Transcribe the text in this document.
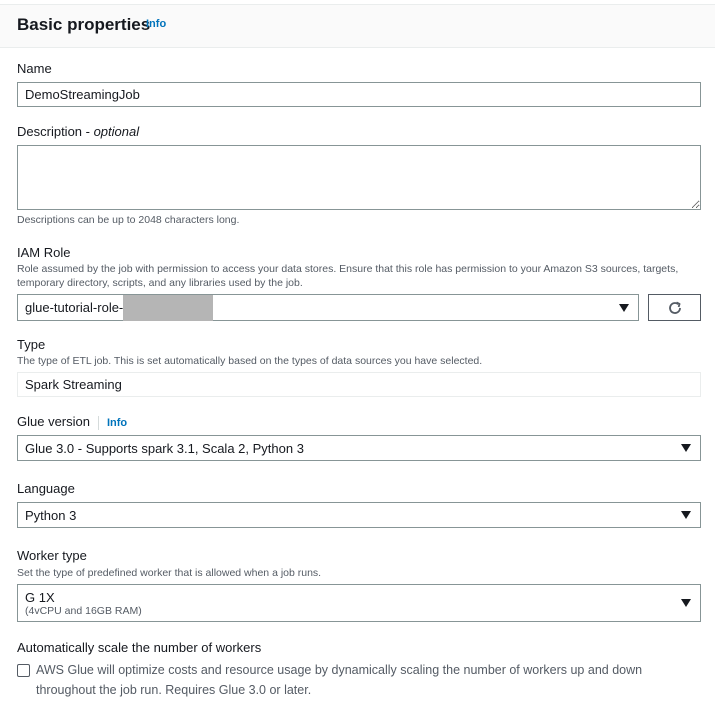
Basic properties
Info
Name
DemoStreamingJob
Description - optional
Descriptions can be up to 2048 characters long.
IAM Role
Role assumed by the job with permission to access your data stores. Ensure that this role has permission to your Amazon S3 sources, targets, temporary directory, scripts, and any libraries used by the job.
glue-tutorial-role-
Type
The type of ETL job. This is set automatically based on the types of data sources you have selected.
Spark Streaming
Glue version Info
Glue 3.0 - Supports spark 3.1, Scala 2, Python 3
Language
Python 3
Worker type
Set the type of predefined worker that is allowed when a job runs.
G 1X
(4vCPU and 16GB RAM)
Automatically scale the number of workers
AWS Glue will optimize costs and resource usage by dynamically scaling the number of workers up and down throughout the job run. Requires Glue 3.0 or later.
